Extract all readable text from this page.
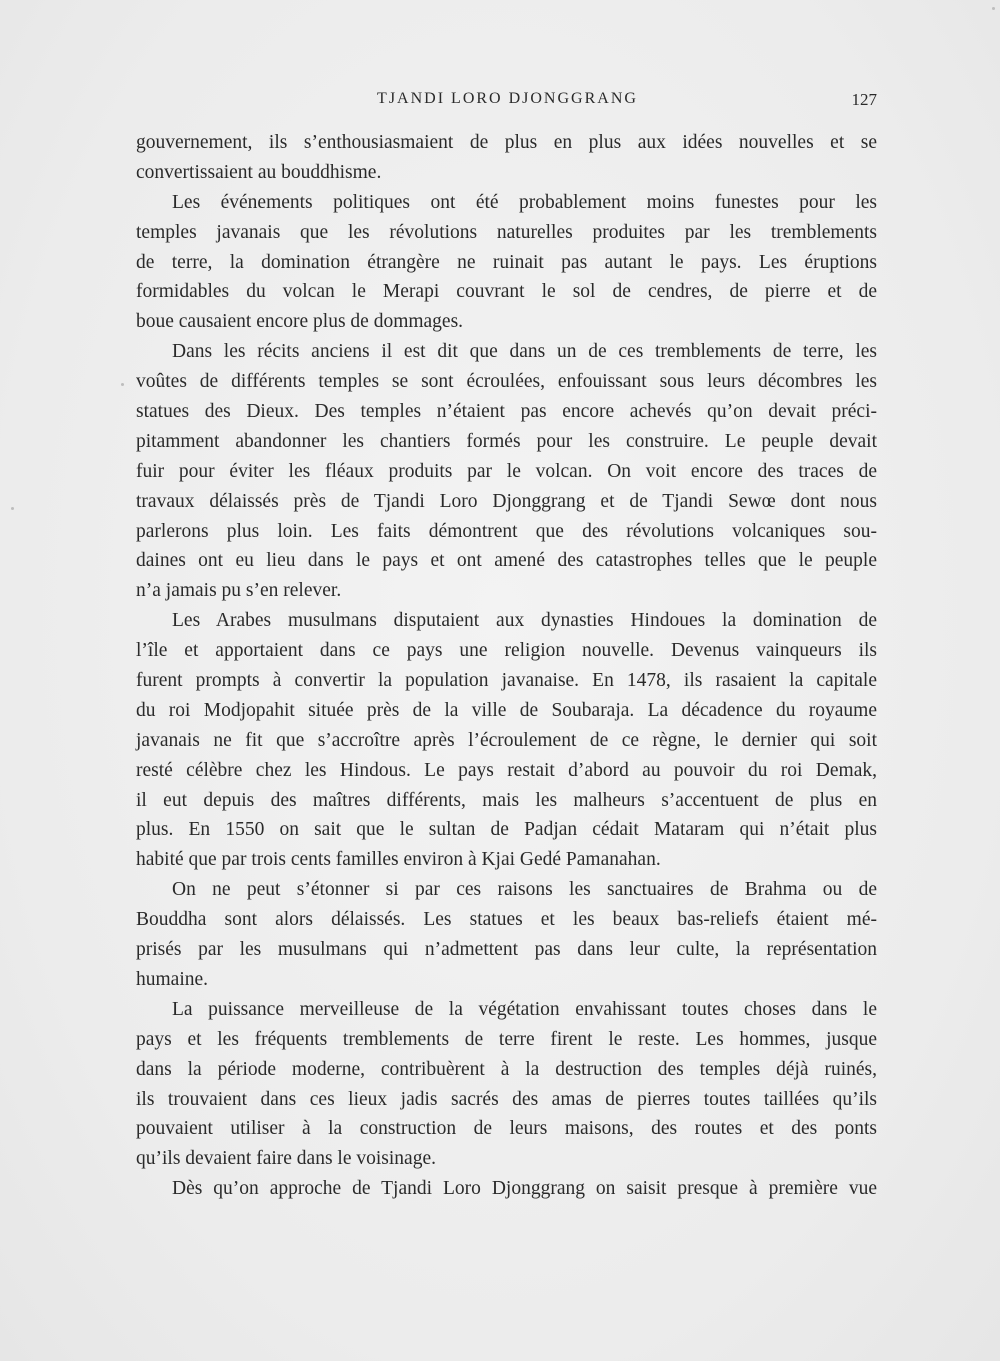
TJANDI LORO DJONGGRANG	127
gouvernement, ils s’enthousiasmaient de plus en plus aux idées nouvelles et se
convertissaient au bouddhisme.
Les événements politiques ont été probablement moins funestes pour les
temples javanais que les révolutions naturelles produites par les tremblements
de terre, la domination étrangère ne ruinait pas autant le pays. Les éruptions
formidables du volcan le Merapi couvrant le sol de cendres, de pierre et de
boue causaient encore plus de dommages.
Dans les récits anciens il est dit que dans un de ces tremblements de terre, les
voûtes de différents temples se sont écroulées, enfouissant sous leurs décombres les
statues des Dieux. Des temples n’étaient pas encore achevés qu’on devait préci-
pitamment abandonner les chantiers formés pour les construire. Le peuple devait
fuir pour éviter les fléaux produits par le volcan. On voit encore des traces de
travaux délaissés près de Tjandi Loro Djonggrang et de Tjandi Sewœ dont nous
parlerons plus loin. Les faits démontrent que des révolutions volcaniques sou-
daines ont eu lieu dans le pays et ont amené des catastrophes telles que le peuple
n’a jamais pu s’en relever.
Les Arabes musulmans disputaient aux dynasties Hindoues la domination de
l’île et apportaient dans ce pays une religion nouvelle. Devenus vainqueurs ils
furent prompts à convertir la population javanaise. En 1478, ils rasaient la capitale
du roi Modjopahit située près de la ville de Soubaraja. La décadence du royaume
javanais ne fit que s’accroître après l’écroulement de ce règne, le dernier qui soit
resté célèbre chez les Hindous. Le pays restait d’abord au pouvoir du roi Demak,
il eut depuis des maîtres différents, mais les malheurs s’accentuent de plus en
plus. En 1550 on sait que le sultan de Padjan cédait Mataram qui n’était plus
habité que par trois cents familles environ à Kjai Gedé Pamanahan.
On ne peut s’étonner si par ces raisons les sanctuaires de Brahma ou de
Bouddha sont alors délaissés. Les statues et les beaux bas-reliefs étaient mé-
prisés par les musulmans qui n’admettent pas dans leur culte, la représentation
humaine.
La puissance merveilleuse de la végétation envahissant toutes choses dans le
pays et les fréquents tremblements de terre firent le reste. Les hommes, jusque
dans la période moderne, contribuèrent à la destruction des temples déjà ruinés,
ils trouvaient dans ces lieux jadis sacrés des amas de pierres toutes taillées qu’ils
pouvaient utiliser à la construction de leurs maisons, des routes et des ponts
qu’ils devaient faire dans le voisinage.
Dès qu’on approche de Tjandi Loro Djonggrang on saisit presque à première vue
